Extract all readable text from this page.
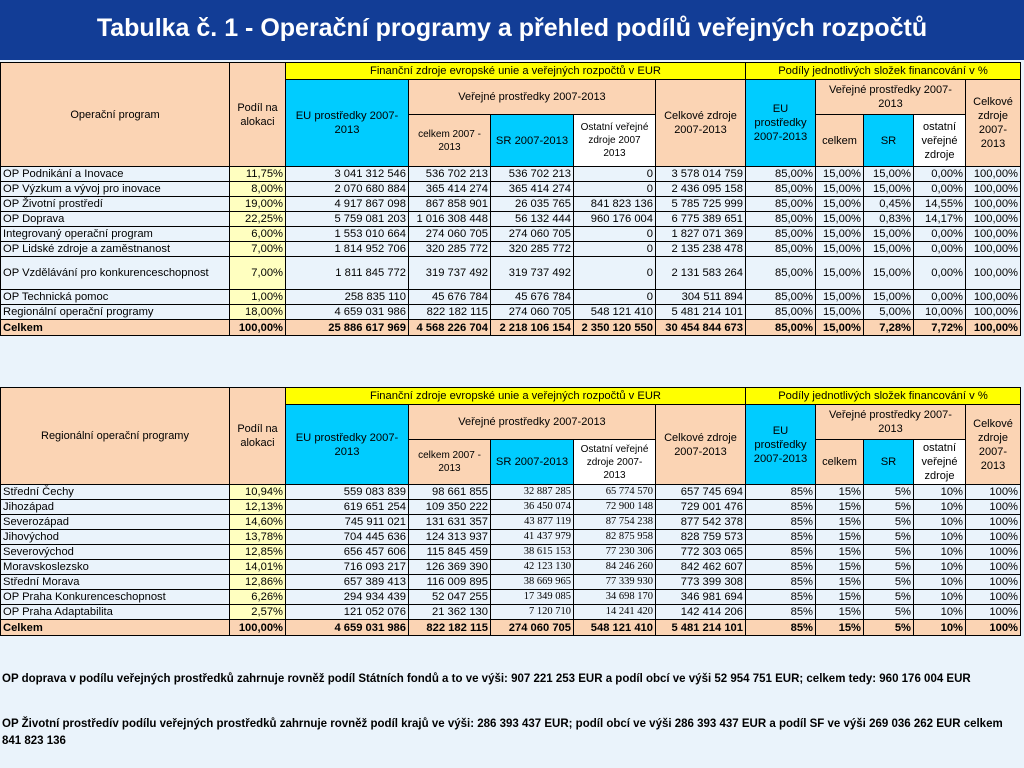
Tabulka č. 1 - Operační programy a přehled podílů veřejných rozpočtů
Operační program	Podíl na alokaci	Finanční zdroje evropské unie a veřejných rozpočtů v EUR					Podíly jednotlivých složek financování v %				
		EU prostředky 2007-2013	Veřejné prostředky 2007-2013			Celkové zdroje 2007-2013	EU prostředky 2007-2013	Veřejné prostředky 2007-2013			Celkové zdroje 2007-2013
			celkem 2007 - 2013	SR 2007-2013	Ostatní veřejné zdroje 2007 2013			celkem	SR	ostatní veřejné zdroje	
OP Podnikání a Inovace	11,75%	3 041 312 546	536 702 213	536 702 213	0	3 578 014 759	85,00%	15,00%	15,00%	0,00%	100,00%
OP Výzkum a vývoj pro inovace	8,00%	2 070 680 884	365 414 274	365 414 274	0	2 436 095 158	85,00%	15,00%	15,00%	0,00%	100,00%
OP Životní prostředí	19,00%	4 917 867 098	867 858 901	26 035 765	841 823 136	5 785 725 999	85,00%	15,00%	0,45%	14,55%	100,00%
OP Doprava	22,25%	5 759 081 203	1 016 308 448	56 132 444	960 176 004	6 775 389 651	85,00%	15,00%	0,83%	14,17%	100,00%
Integrovaný operační program	6,00%	1 553 010 664	274 060 705	274 060 705	0	1 827 071 369	85,00%	15,00%	15,00%	0,00%	100,00%
OP Lidské zdroje a zaměstnanost	7,00%	1 814 952 706	320 285 772	320 285 772	0	2 135 238 478	85,00%	15,00%	15,00%	0,00%	100,00%
OP Vzdělávání pro konkurenceschopnost	7,00%	1 811 845 772	319 737 492	319 737 492	0	2 131 583 264	85,00%	15,00%	15,00%	0,00%	100,00%
OP Technická pomoc	1,00%	258 835 110	45 676 784	45 676 784	0	304 511 894	85,00%	15,00%	15,00%	0,00%	100,00%
Regionální operační programy	18,00%	4 659 031 986	822 182 115	274 060 705	548 121 410	5 481 214 101	85,00%	15,00%	5,00%	10,00%	100,00%
Celkem	100,00%	25 886 617 969	4 568 226 704	2 218 106 154	2 350 120 550	30 454 844 673	85,00%	15,00%	7,28%	7,72%	100,00%
Regionální operační programy	Podíl na alokaci	Finanční zdroje evropské unie a veřejných rozpočtů v EUR					Podíly jednotlivých složek financování v %				
		EU prostředky 2007-2013	Veřejné prostředky 2007-2013			Celkové zdroje 2007-2013	EU prostředky 2007-2013	Veřejné prostředky 2007-2013			Celkové zdroje 2007-2013
			celkem 2007 - 2013	SR 2007-2013	Ostatní veřejné zdroje 2007- 2013			celkem	SR	ostatní veřejné zdroje	
Střední Čechy	10,94%	559 083 839	98 661 855	32 887 285	65 774 570	657 745 694	85%	15%	5%	10%	100%
Jihozápad	12,13%	619 651 254	109 350 222	36 450 074	72 900 148	729 001 476	85%	15%	5%	10%	100%
Severozápad	14,60%	745 911 021	131 631 357	43 877 119	87 754 238	877 542 378	85%	15%	5%	10%	100%
Jihovýchod	13,78%	704 445 636	124 313 937	41 437 979	82 875 958	828 759 573	85%	15%	5%	10%	100%
Severovýchod	12,85%	656 457 606	115 845 459	38 615 153	77 230 306	772 303 065	85%	15%	5%	10%	100%
Moravskoslezsko	14,01%	716 093 217	126 369 390	42 123 130	84 246 260	842 462 607	85%	15%	5%	10%	100%
Střední Morava	12,86%	657 389 413	116 009 895	38 669 965	77 339 930	773 399 308	85%	15%	5%	10%	100%
OP Praha Konkurenceschopnost	6,26%	294 934 439	52 047 255	17 349 085	34 698 170	346 981 694	85%	15%	5%	10%	100%
OP Praha Adaptabilita	2,57%	121 052 076	21 362 130	7 120 710	14 241 420	142 414 206	85%	15%	5%	10%	100%
Celkem	100,00%	4 659 031 986	822 182 115	274 060 705	548 121 410	5 481 214 101	85%	15%	5%	10%	100%
OP doprava v podílu veřejných prostředků zahrnuje rovněž podíl Státních fondů a to ve výši: 907 221 253 EUR a podíl obcí ve výši 52 954 751 EUR; celkem tedy: 960 176 004 EUR
OP Životní prostředív podílu veřejných prostředků zahrnuje rovněž podíl krajů ve výši: 286 393 437 EUR; podíl obcí ve výši 286 393 437 EUR a podíl SF ve výši 269 036 262 EUR celkem 841 823 136
